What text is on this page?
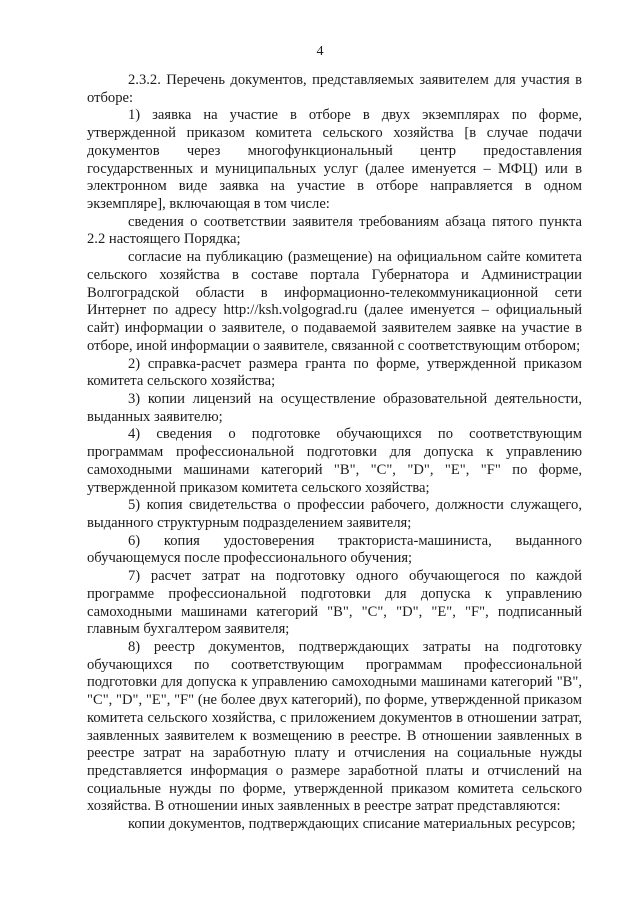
4

2.3.2. Перечень документов, представляемых заявителем для участия в отборе:

1) заявка на участие в отборе в двух экземплярах по форме, утвержденной приказом комитета сельского хозяйства [в случае подачи документов через многофункциональный центр предоставления государственных и муниципальных услуг (далее именуется – МФЦ) или в электронном виде заявка на участие в отборе направляется в одном экземпляре], включающая в том числе:

сведения о соответствии заявителя требованиям абзаца пятого пункта 2.2 настоящего Порядка;

согласие на публикацию (размещение) на официальном сайте комитета сельского хозяйства в составе портала Губернатора и Администрации Волгоградской области в информационно-телекоммуникационной сети Интернет по адресу http://ksh.volgograd.ru (далее именуется – официальный сайт) информации о заявителе, о подаваемой заявителем заявке на участие в отборе, иной информации о заявителе, связанной с соответствующим отбором;

2) справка-расчет размера гранта по форме, утвержденной приказом комитета сельского хозяйства;

3) копии лицензий на осуществление образовательной деятельности, выданных заявителю;

4) сведения о подготовке обучающихся по соответствующим программам профессиональной подготовки для допуска к управлению самоходными машинами категорий "B", "C", "D", "E", "F" по форме, утвержденной приказом комитета сельского хозяйства;

5) копия свидетельства о профессии рабочего, должности служащего, выданного структурным подразделением заявителя;

6) копия удостоверения тракториста-машиниста, выданного обучающемуся после профессионального обучения;

7) расчет затрат на подготовку одного обучающегося по каждой программе профессиональной подготовки для допуска к управлению самоходными машинами категорий "B", "C", "D", "E", "F", подписанный главным бухгалтером заявителя;

8) реестр документов, подтверждающих затраты на подготовку обучающихся по соответствующим программам профессиональной подготовки для допуска к управлению самоходными машинами категорий "B", "C", "D", "E", "F" (не более двух категорий), по форме, утвержденной приказом комитета сельского хозяйства, с приложением документов в отношении затрат, заявленных заявителем к возмещению в реестре. В отношении заявленных в реестре затрат на заработную плату и отчисления на социальные нужды представляется информация о размере заработной платы и отчислений на социальные нужды по форме, утвержденной приказом комитета сельского хозяйства. В отношении иных заявленных в реестре затрат представляются:

копии документов, подтверждающих списание материальных ресурсов;
